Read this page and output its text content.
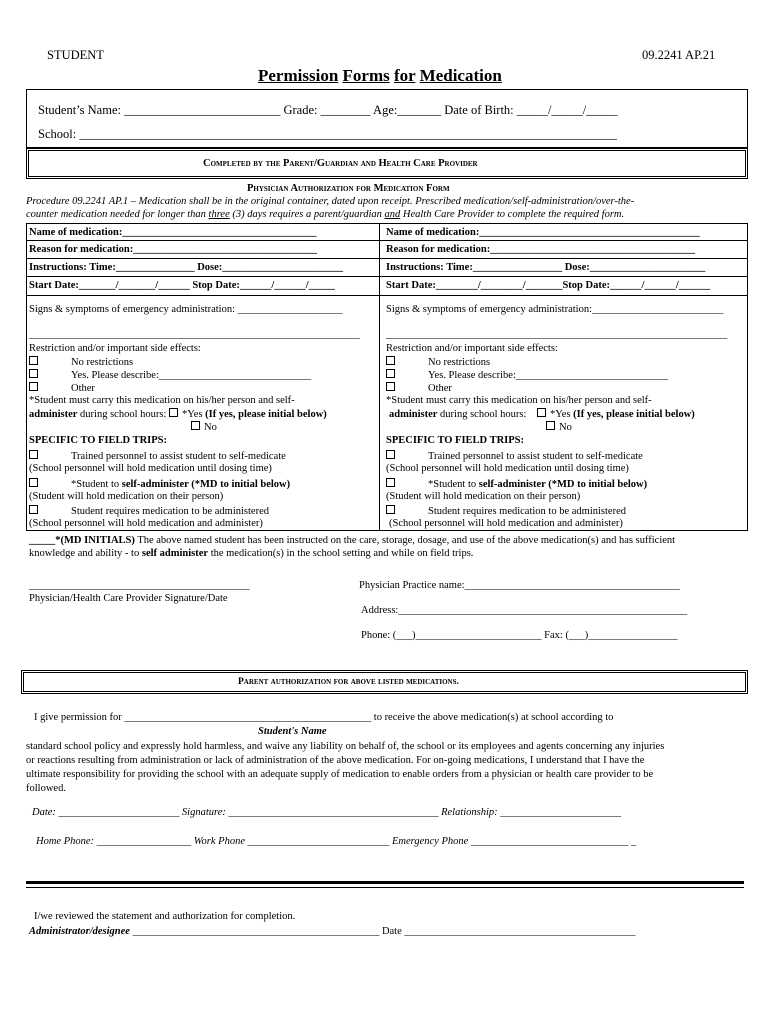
STUDENT	09.2241 AP.21
Permission Forms for Medication
Student’s Name: _________________________ Grade: ________ Age:_______ Date of Birth: _____/_____/_____
School: ______________________________________________________________________________________
Completed by the Parent/Guardian and Health Care Provider
Physician Authorization for Medication Form
Procedure 09.2241 AP.1 – Medication shall be in the original container, dated upon receipt. Prescribed medication/self-administration/over-the-
counter medication needed for longer than three (3) days requires a parent/guardian and Health Care Provider to complete the required form.
Name of medication:_____________________________________
Reason for medication:___________________________________
Instructions: Time:_______________ Dose:_______________________
Start Date:_______/_______/______ Stop Date:______/______/_____
Signs & symptoms of emergency administration: ____________________
_______________________________________________________________
Restriction and/or important side effects:
No restrictions
Yes. Please describe:_____________________________
Other
*Student must carry this medication on his/her person and self-
administer during school hours: *Yes (If yes, please initial below)
No
SPECIFIC TO FIELD TRIPS:
Trained personnel to assist student to self-medicate
(School personnel will hold medication until dosing time)
*Student to self-administer (*MD to initial below)
(Student will hold medication on their person)
Student requires medication to be administered
(School personnel will hold medication and administer)
Name of medication:__________________________________________
Reason for medication:_______________________________________
Instructions: Time:_________________ Dose:______________________
Start Date:________/________/_______Stop Date:______/______/______
Signs & symptoms of emergency administration:_________________________
_________________________________________________________________
Restriction and/or important side effects:
No restrictions
Yes. Please describe:_____________________________
Other
*Student must carry this medication on his/her person and self-
administer during school hours: *Yes (If yes, please initial below)
No
SPECIFIC TO FIELD TRIPS:
Trained personnel to assist student to self-medicate
(School personnel will hold medication until dosing time)
*Student to self-administer (*MD to initial below)
(Student will hold medication on their person)
Student requires medication to be administered
(School personnel will hold medication and administer)
_____*(MD INITIALS) The above named student has been instructed on the care, storage, dosage, and use of the above medication(s) and has sufficient
knowledge and ability - to self administer the medication(s) in the school setting and while on field trips.
__________________________________________
Physician/Health Care Provider Signature/Date
Physician Practice name:_________________________________________
Address:_______________________________________________________
Phone: (___)________________________ Fax: (___)_________________
Parent authorization for above listed medications.
I give permission for _______________________________________________ to receive the above medication(s) at school according to
Student's Name
standard school policy and expressly hold harmless, and waive any liability on behalf of, the school or its employees and agents concerning any injuries
or reactions resulting from administration or lack of administration of the above medication. For on-going medications, I understand that I have the
ultimate responsibility for providing the school with an adequate supply of medication to enable orders from a physician or health care provider to be
followed.
Date: _______________________ Signature: ________________________________________ Relationship: _______________________
Home Phone: __________________ Work Phone ___________________________ Emergency Phone ______________________________ _
I/we reviewed the statement and authorization for completion.
Administrator/designee _______________________________________________ Date ____________________________________________
